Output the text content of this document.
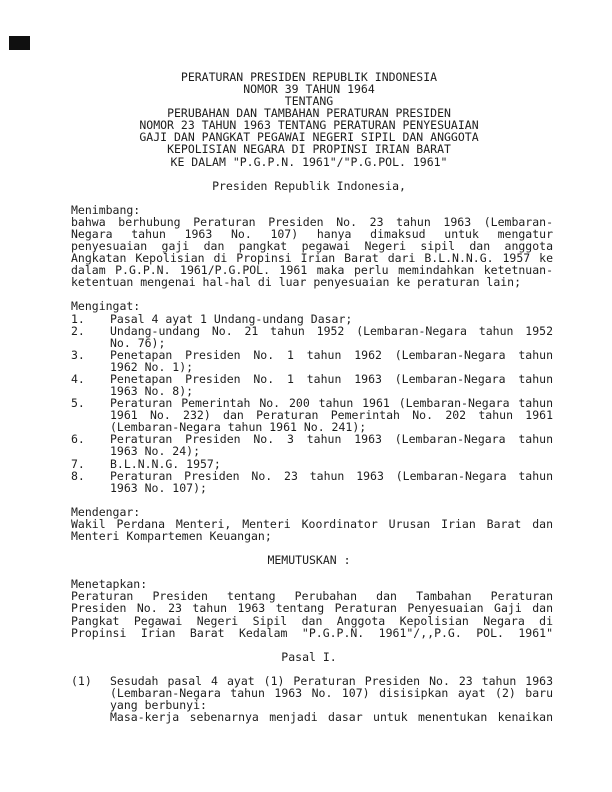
PERATURAN PRESIDEN REPUBLIK INDONESIA
NOMOR 39 TAHUN 1964
TENTANG
PERUBAHAN DAN TAMBAHAN PERATURAN PRESIDEN
NOMOR 23 TAHUN 1963 TENTANG PERATURAN PENYESUAIAN
GAJI DAN PANGKAT PEGAWAI NEGERI SIPIL DAN ANGGOTA
KEPOLISIAN NEGARA DI PROPINSI IRIAN BARAT
KE DALAM "P.G.P.N. 1961"/"P.G.POL. 1961"
Presiden Republik Indonesia,
Menimbang:
bahwa berhubung Peraturan Presiden No. 23 tahun 1963 (Lembaran-
Negara tahun 1963 No. 107) hanya dimaksud untuk mengatur
penyesuaian gaji dan pangkat pegawai Negeri sipil dan anggota
Angkatan Kepolisian di Propinsi Irian Barat dari B.L.N.N.G. 1957 ke
dalam P.G.P.N. 1961/P.G.POL. 1961 maka perlu memindahkan ketetnuan-
ketentuan mengenai hal-hal di luar penyesuaian ke peraturan lain;
Mengingat:
1.	Pasal 4 ayat 1 Undang-undang Dasar;
2.	Undang-undang No. 21 tahun 1952 (Lembaran-Negara tahun 1952
No. 76);
3.	Penetapan Presiden No. 1 tahun 1962 (Lembaran-Negara tahun
1962 No. 1);
4.	Penetapan Presiden No. 1 tahun 1963 (Lembaran-Negara tahun
1963 No. 8);
5.	Peraturan Pemerintah No. 200 tahun 1961 (Lembaran-Negara tahun
1961 No. 232) dan Peraturan Pemerintah No. 202 tahun 1961
(Lembaran-Negara tahun 1961 No. 241);
6.	Peraturan Presiden No. 3 tahun 1963 (Lembaran-Negara tahun
1963 No. 24);
7.	B.L.N.N.G. 1957;
8.	Peraturan Presiden No. 23 tahun 1963 (Lembaran-Negara tahun
1963 No. 107);
Mendengar:
Wakil Perdana Menteri, Menteri Koordinator Urusan Irian Barat dan
Menteri Kompartemen Keuangan;
MEMUTUSKAN :
Menetapkan:
Peraturan Presiden tentang Perubahan dan Tambahan Peraturan
Presiden No. 23 tahun 1963 tentang Peraturan Penyesuaian Gaji dan
Pangkat Pegawai Negeri Sipil dan Anggota Kepolisian Negara di
Propinsi Irian Barat Kedalam "P.G.P.N. 1961"/,,P.G. POL. 1961"
Pasal I.
(1)	Sesudah pasal 4 ayat (1) Peraturan Presiden No. 23 tahun 1963
(Lembaran-Negara tahun 1963 No. 107) disisipkan ayat (2) baru
yang berbunyi:
Masa-kerja sebenarnya menjadi dasar untuk menentukan kenaikan
